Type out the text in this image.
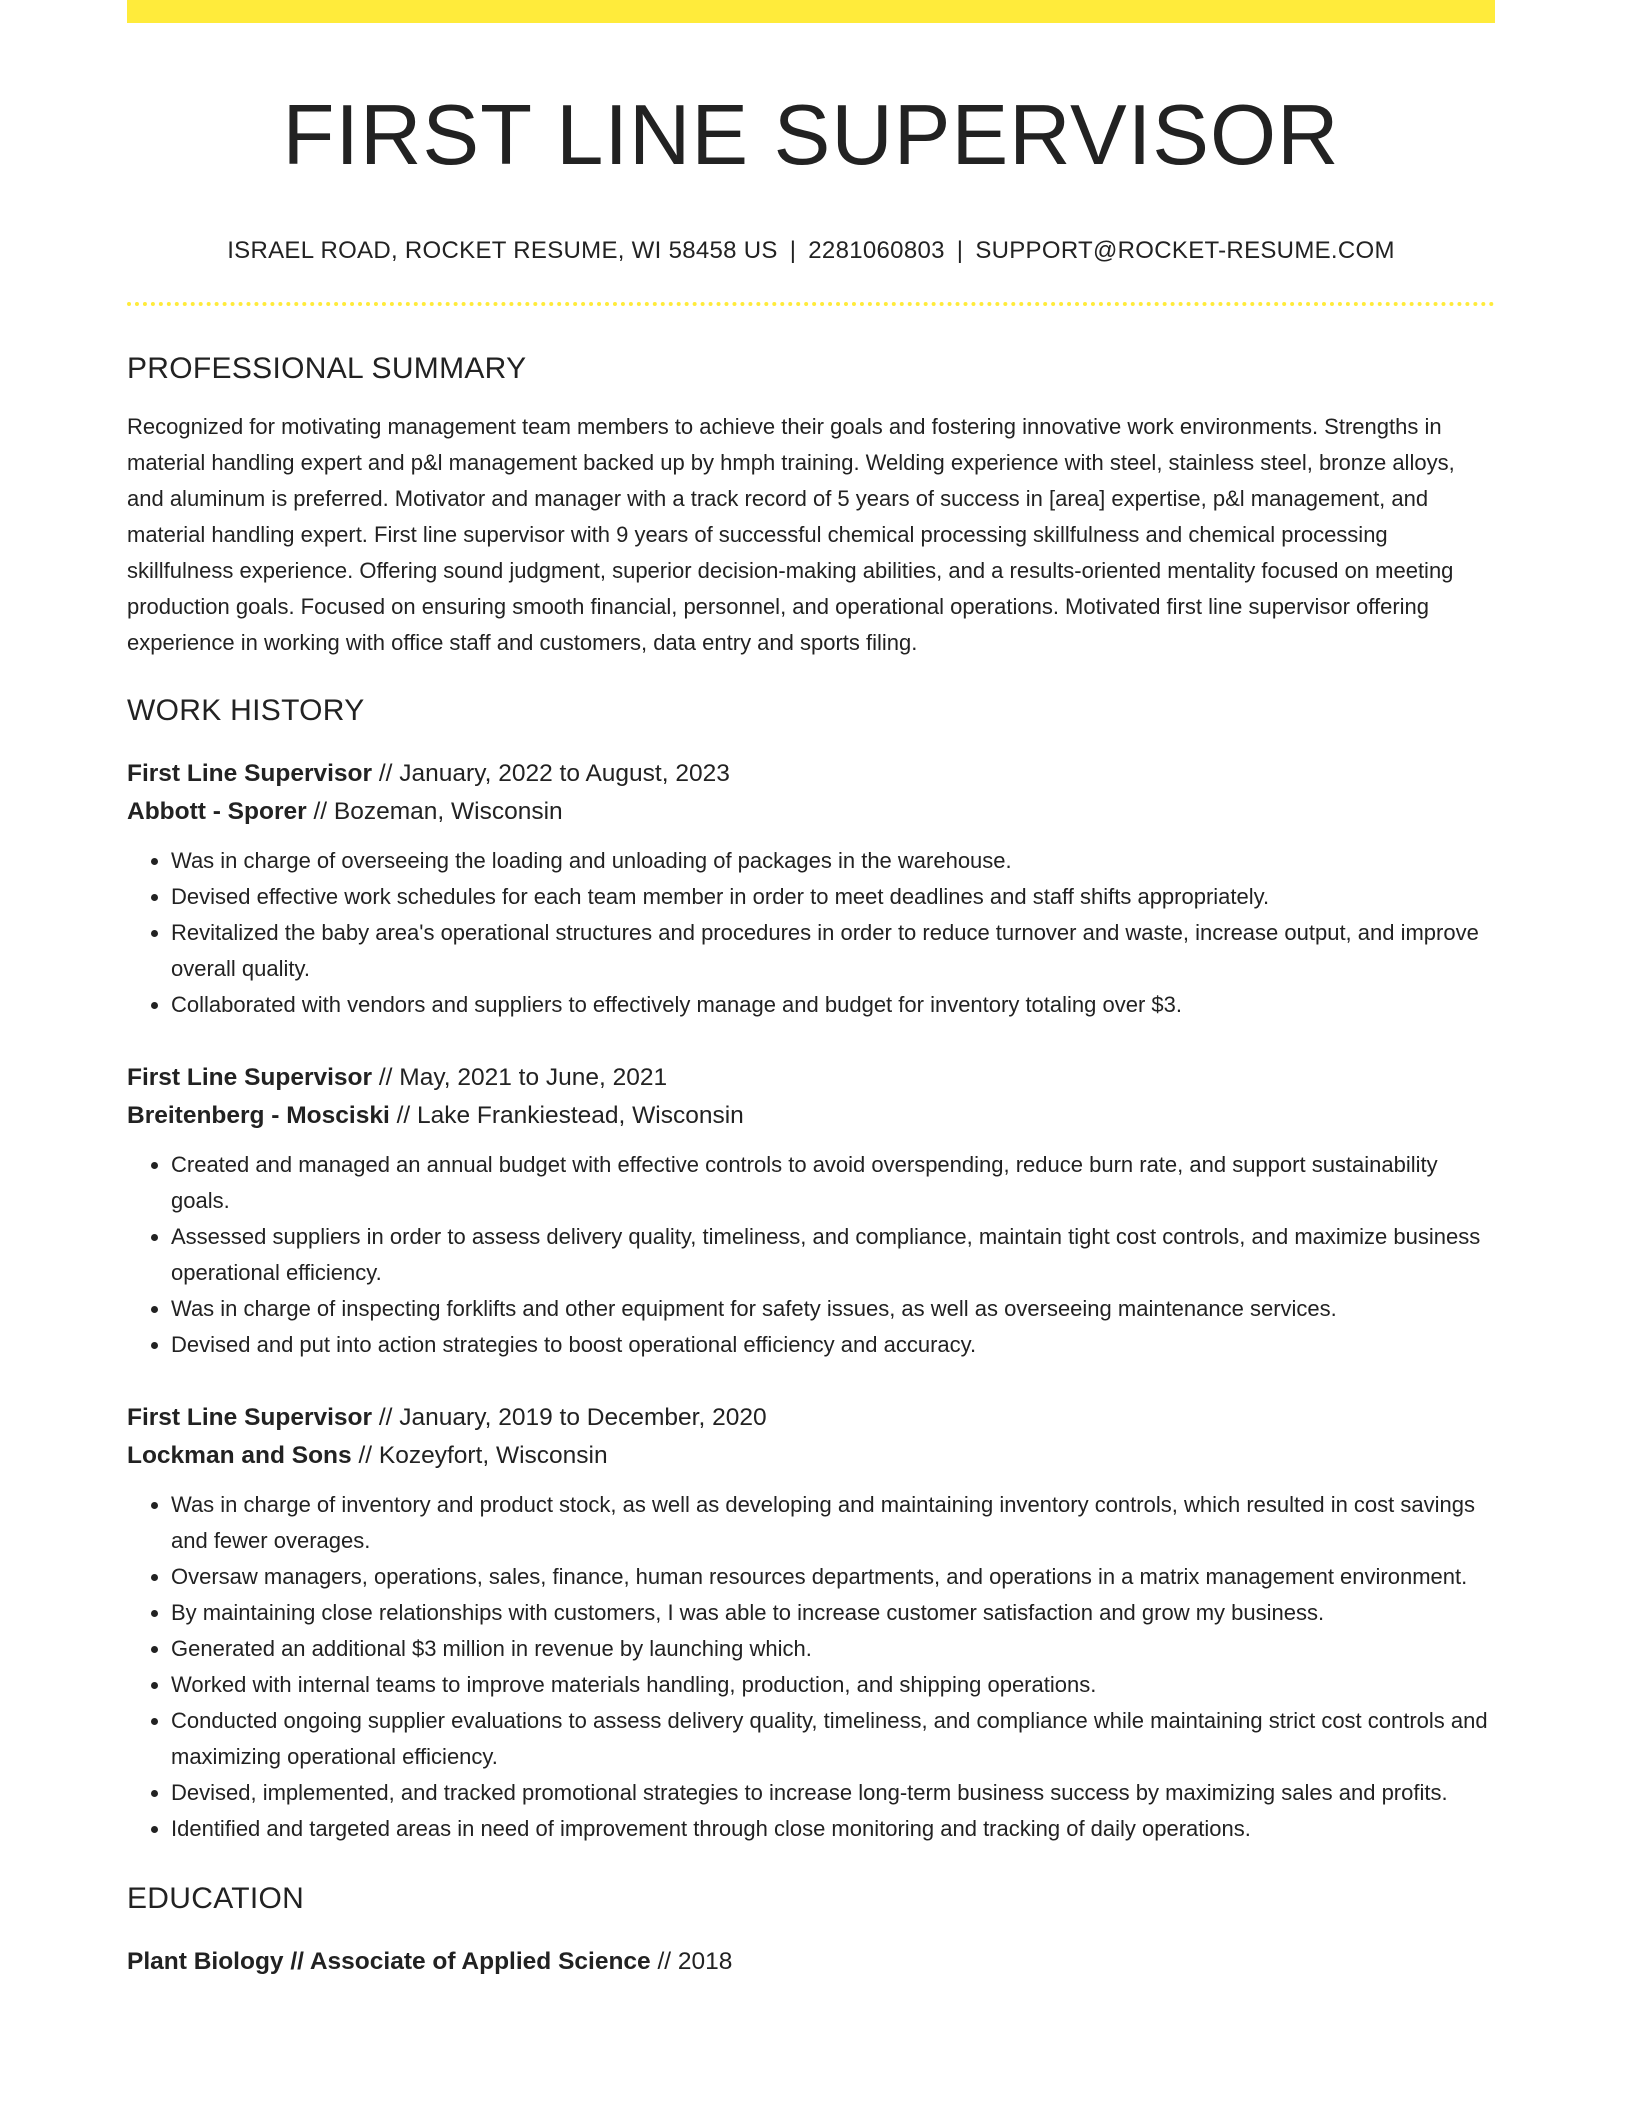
FIRST LINE SUPERVISOR
ISRAEL ROAD, ROCKET RESUME, WI 58458 US | 2281060803 | SUPPORT@ROCKET-RESUME.COM
PROFESSIONAL SUMMARY

Recognized for motivating management team members to achieve their goals and fostering innovative work environments. Strengths in material handling expert and p&l management backed up by hmph training. Welding experience with steel, stainless steel, bronze alloys, and aluminum is preferred. Motivator and manager with a track record of 5 years of success in [area] expertise, p&l management, and material handling expert. First line supervisor with 9 years of successful chemical processing skillfulness and chemical processing skillfulness experience. Offering sound judgment, superior decision-making abilities, and a results-oriented mentality focused on meeting production goals. Focused on ensuring smooth financial, personnel, and operational operations. Motivated first line supervisor offering experience in working with office staff and customers, data entry and sports filing.

WORK HISTORY
First Line Supervisor // January, 2022 to August, 2023
Abbott - Sporer // Bozeman, Wisconsin
• Was in charge of overseeing the loading and unloading of packages in the warehouse.
• Devised effective work schedules for each team member in order to meet deadlines and staff shifts appropriately.
• Revitalized the baby area's operational structures and procedures in order to reduce turnover and waste, increase output, and improve overall quality.
• Collaborated with vendors and suppliers to effectively manage and budget for inventory totaling over $3.
First Line Supervisor // May, 2021 to June, 2021
Breitenberg - Mosciski // Lake Frankiestead, Wisconsin
• Created and managed an annual budget with effective controls to avoid overspending, reduce burn rate, and support sustainability goals.
• Assessed suppliers in order to assess delivery quality, timeliness, and compliance, maintain tight cost controls, and maximize business operational efficiency.
• Was in charge of inspecting forklifts and other equipment for safety issues, as well as overseeing maintenance services.
• Devised and put into action strategies to boost operational efficiency and accuracy.
First Line Supervisor // January, 2019 to December, 2020
Lockman and Sons // Kozeyfort, Wisconsin
• Was in charge of inventory and product stock, as well as developing and maintaining inventory controls, which resulted in cost savings and fewer overages.
• Oversaw managers, operations, sales, finance, human resources departments, and operations in a matrix management environment.
• By maintaining close relationships with customers, I was able to increase customer satisfaction and grow my business.
• Generated an additional $3 million in revenue by launching which.
• Worked with internal teams to improve materials handling, production, and shipping operations.
• Conducted ongoing supplier evaluations to assess delivery quality, timeliness, and compliance while maintaining strict cost controls and maximizing operational efficiency.
• Devised, implemented, and tracked promotional strategies to increase long-term business success by maximizing sales and profits.
• Identified and targeted areas in need of improvement through close monitoring and tracking of daily operations.
EDUCATION
Plant Biology // Associate of Applied Science // 2018
